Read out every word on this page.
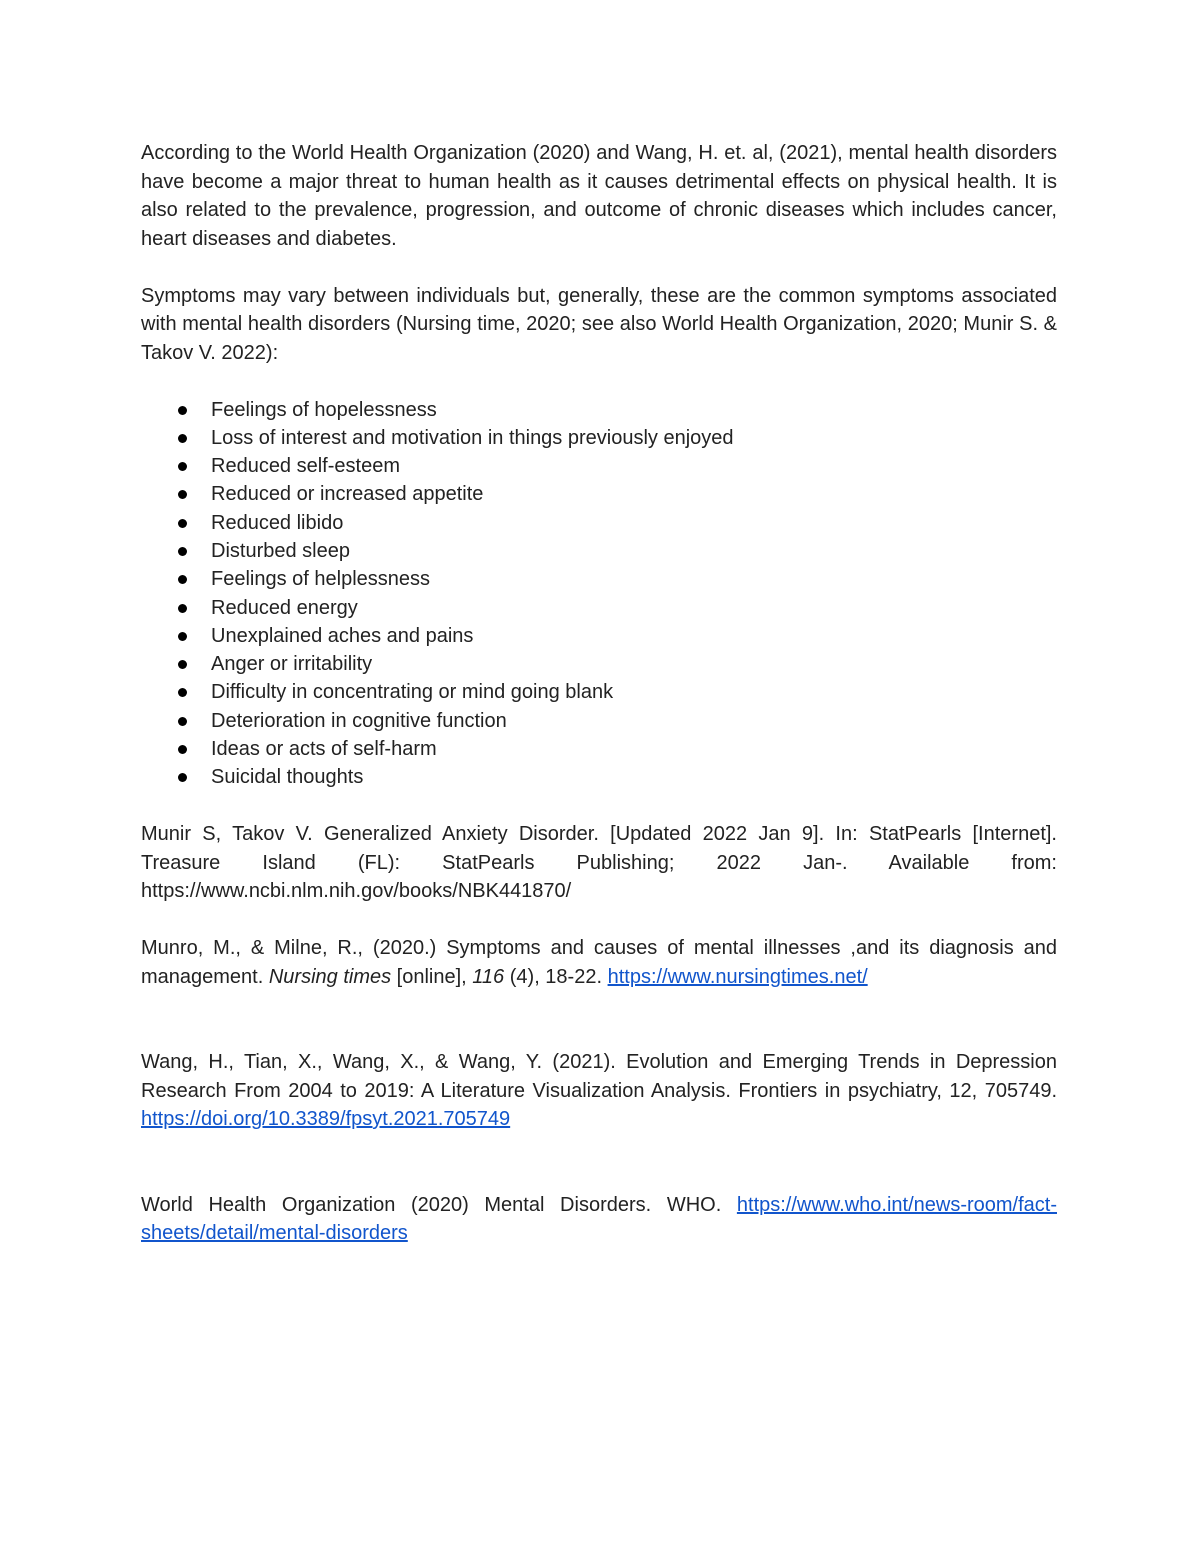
According to the World Health Organization (2020) and Wang, H. et. al, (2021), mental health disorders have become a major threat to human health as it causes detrimental effects on physical health. It is also related to the prevalence, progression, and outcome of chronic diseases which includes cancer, heart diseases and diabetes.

Symptoms may vary between individuals but, generally, these are the common symptoms associated with mental health disorders (Nursing time, 2020; see also World Health Organization, 2020; Munir S. & Takov V. 2022):

Feelings of hopelessness
Loss of interest and motivation in things previously enjoyed
Reduced self-esteem
Reduced or increased appetite
Reduced libido
Disturbed sleep
Feelings of helplessness
Reduced energy
Unexplained aches and pains
Anger or irritability
Difficulty in concentrating or mind going blank
Deterioration in cognitive function
Ideas or acts of self-harm
Suicidal thoughts

Munir S, Takov V. Generalized Anxiety Disorder. [Updated 2022 Jan 9]. In: StatPearls [Internet]. Treasure Island (FL): StatPearls Publishing; 2022 Jan-. Available from: https://www.ncbi.nlm.nih.gov/books/NBK441870/

Munro, M., & Milne, R., (2020.) Symptoms and causes of mental illnesses ,and its diagnosis and management. Nursing times [online], 116 (4), 18-22. https://www.nursingtimes.net/

Wang, H., Tian, X., Wang, X., & Wang, Y. (2021). Evolution and Emerging Trends in Depression Research From 2004 to 2019: A Literature Visualization Analysis. Frontiers in psychiatry, 12, 705749. https://doi.org/10.3389/fpsyt.2021.705749

World Health Organization (2020) Mental Disorders. WHO. https://www.who.int/news-room/fact-sheets/detail/mental-disorders
